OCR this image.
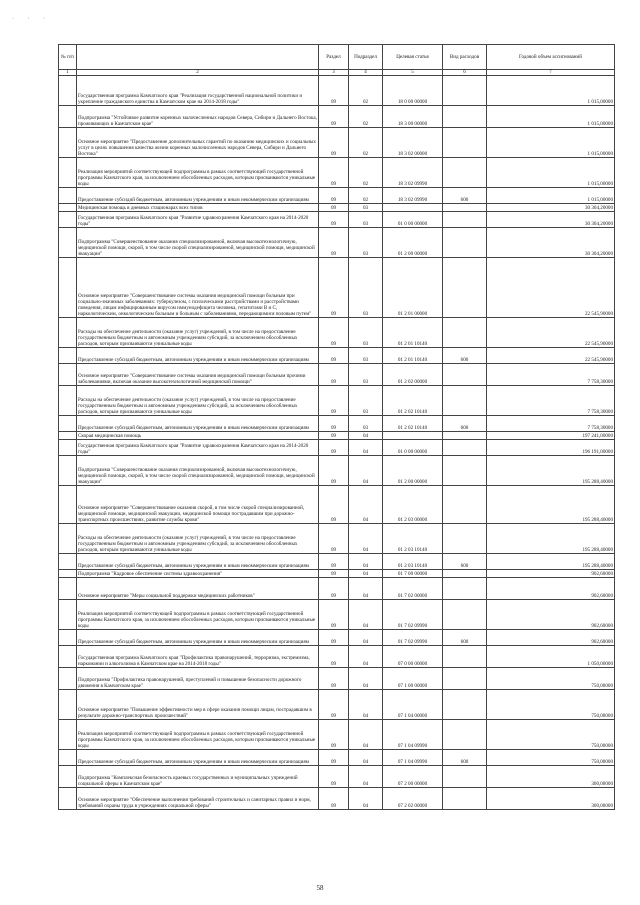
· · ·
№ п/п		Раздел	Подраздел	Целевая статья	Вид расходов	Годовой объем ассигнований
1	2	3	4	5	6	7
	Государственная программа Камчатского края "Реализация государственной национальной политики и укрепление гражданского единства в Камчатском крае на 2014-2018 годы"	09	02	18 0 00 00000		1 015,00000
	Подпрограмма "Устойчивое развитие коренных малочисленных народов Севера, Сибири и Дальнего Востока, проживающих в Камчатском крае"	09	02	18 3 00 00000		1 015,00000
	Основное мероприятие "Предоставление дополнительных гарантий по оказанию медицинских и социальных услуг в целях повышения качества жизни коренных малочисленных народов Севера, Сибири и Дальнего Востока"	09	02	18 3 02 00000		1 015,00000
	Реализация мероприятий соответствующей подпрограммы в рамках соответствующей государственной программы Камчатского края, за исключением обособленных расходов, которым присваиваются уникальные коды	09	02	18 3 02 09990		1 015,00000
	Предоставление субсидий бюджетным, автономным учреждениям и иным некоммерческим организациям	09	02	18 3 02 09990	600	1 015,00000
	Медицинская помощь в дневных стационарах всех типов	09	03			30 304,20000
	Государственная программа Камчатского края "Развитие здравоохранения Камчатского края на 2014-2020 годы"	09	03	01 0 00 00000		30 304,20000
	Подпрограмма "Совершенствование оказания специализированной, включая высокотехнологичную, медицинской помощи, скорой, в том числе скорой специализированной, медицинской помощи, медицинской эвакуации"	09	03	01 2 00 00000		30 304,20000
	Основное мероприятие "Совершенствование системы оказания медицинской помощи больным при социально-значимых заболеваниях: туберкулезом, с психическими расстройствами и расстройствами поведения, лицам инфицированным вирусом иммунодефицита человека, гепатитами В и С, наркологическим, онкологическим больным и больным с заболеваниями, передающимися половым путем"	09	03	01 2 01 00000		22 545,90000
	Расходы на обеспечение деятельности (оказание услуг) учреждений, в том числе на предоставление государственным бюджетным и автономным учреждениям субсидий, за исключением обособленных расходов, которым присваиваются уникальные коды	09	03	01 2 01 10140		22 545,90000
	Предоставление субсидий бюджетным, автономным учреждениям и иным некоммерческим организациям	09	03	01 2 01 10140	600	22 545,90000
	Основное мероприятие "Совершенствование системы оказания медицинской помощи больным прочими заболеваниями, включая оказание высокотехнологичной медицинской помощи"	09	03	01 2 02 00000		7 758,30000
	Расходы на обеспечение деятельности (оказание услуг) учреждений, в том числе на предоставление государственным бюджетным и автономным учреждениям субсидий, за исключением обособленных расходов, которым присваиваются уникальные коды	09	03	01 2 02 10140		7 758,30000
	Предоставление субсидий бюджетным, автономным учреждениям и иным некоммерческим организациям	09	03	01 2 02 10140	600	7 758,30000
	Скорая медицинская помощь	09	04			197 241,00000
	Государственная программа Камчатского края "Развитие здравоохранения Камчатского края на 2014-2020 годы"	09	04	01 0 00 00000		196 191,00000
	Подпрограмма "Совершенствование оказания специализированной, включая высокотехнологичную, медицинской помощи, скорой, в том числе скорой специализированной, медицинской помощи, медицинской эвакуации"	09	04	01 2 00 00000		195 288,40000
	Основное мероприятие "Совершенствование оказания скорой, в том числе скорой специализированной, медицинской помощи, медицинской эвакуации, медицинской помощи пострадавшим при дорожно-транспортных происшествиях, развитие службы крови"	09	04	01 2 03 00000		195 288,40000
	Расходы на обеспечение деятельности (оказание услуг) учреждений, в том числе на предоставление государственным бюджетным и автономным учреждениям субсидий, за исключением обособленных расходов, которым присваиваются уникальные коды	09	04	01 2 03 10140		195 288,40000
	Предоставление субсидий бюджетным, автономным учреждениям и иным некоммерческим организациям	09	04	01 2 03 10140	600	195 288,40000
	Подпрограмма "Кадровое обеспечение системы здравоохранения"	09	04	01 7 00 00000		902,60000
	Основное мероприятие "Меры социальной поддержки медицинских работников"	09	04	01 7 02 00000		902,60000
	Реализация мероприятий соответствующей подпрограммы в рамках соответствующей государственной программы Камчатского края, за исключением обособленных расходов, которым присваиваются уникальные коды	09	04	01 7 02 09990		902,60000
	Предоставление субсидий бюджетным, автономным учреждениям и иным некоммерческим организациям	09	04	01 7 02 09990	600	902,60000
	Государственная программа Камчатского края "Профилактика правонарушений, терроризма, экстремизма, наркомании и алкоголизма в Камчатском крае на 2014-2018 годы"	09	04	07 0 00 00000		1 050,00000
	Подпрограмма "Профилактика правонарушений, преступлений и повышение безопасности дорожного движения в Камчатском крае"	09	04	07 1 00 00000		750,00000
	Основное мероприятие "Повышение эффективности мер в сфере оказания помощи лицам, пострадавшим в результате дорожно-транспортных происшествий"	09	04	07 1 04 00000		750,00000
	Реализация мероприятий соответствующей подпрограммы в рамках соответствующей государственной программы Камчатского края, за исключением обособленных расходов, которым присваиваются уникальные коды	09	04	07 1 04 09990		750,00000
	Предоставление субсидий бюджетным, автономным учреждениям и иным некоммерческим организациям	09	04	07 1 04 09990	600	750,00000
	Подпрограмма "Комплексная безопасность краевых государственных и муниципальных учреждений социальной сферы в Камчатском крае"	09	04	07 2 00 00000		300,00000
	Основное мероприятие "Обеспечение выполнения требований строительных и санитарных правил и норм, требований охраны труда в учреждениях социальной сферы"	09	04	07 2 02 00000		300,00000
58
